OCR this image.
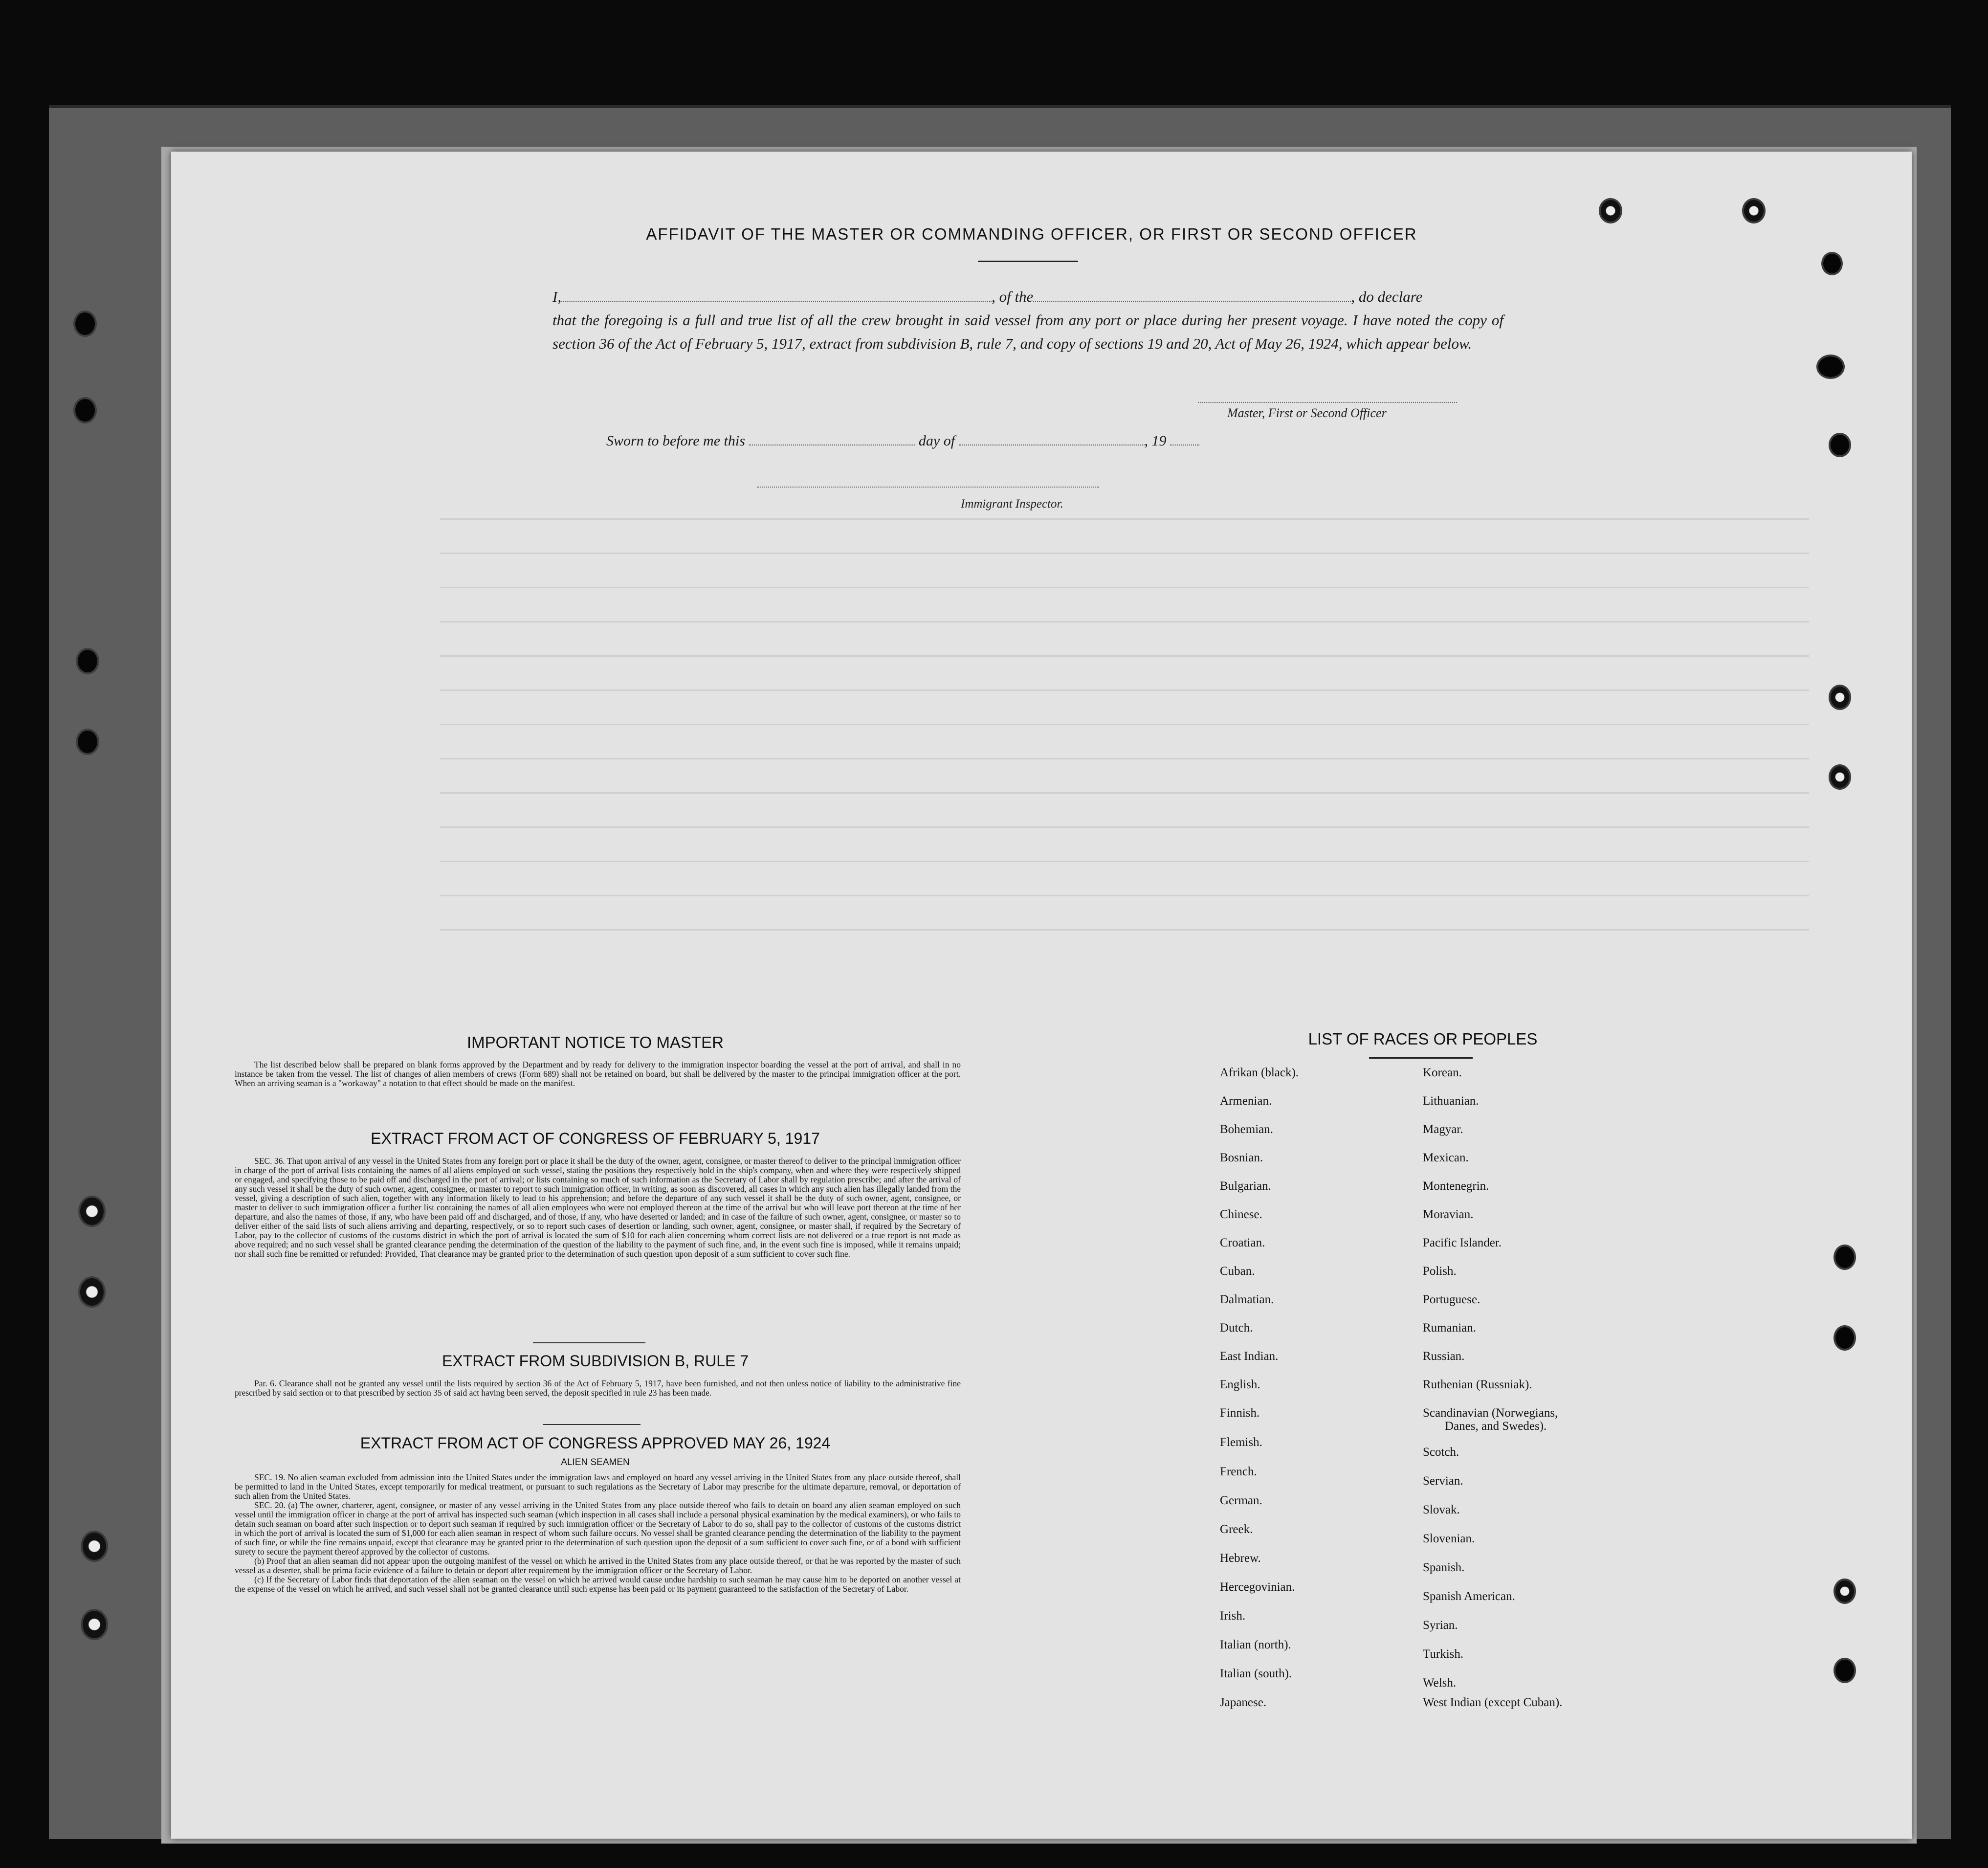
AFFIDAVIT OF THE MASTER OR COMMANDING OFFICER, OR FIRST OR SECOND OFFICER
I,	, of the	, do declare
that the foregoing is a full and true list of all the crew brought in said vessel from any port or place during her present voyage. I have noted the copy of section 36 of the Act of February 5, 1917, extract from subdivision B, rule 7, and copy of sections 19 and 20, Act of May 26, 1924, which appear below.
Master, First or Second Officer
Sworn to before me this	day of	, 19
Immigrant Inspector.
IMPORTANT NOTICE TO MASTER

The list described below shall be prepared on blank forms approved by the Department and by ready for delivery to the immigration inspector boarding the vessel at the port of arrival, and shall in no instance be taken from the vessel. The list of changes of alien members of crews (Form 689) shall not be retained on board, but shall be delivered by the master to the principal immigration officer at the port. When an arriving seaman is a "workaway" a notation to that effect should be made on the manifest.

EXTRACT FROM ACT OF CONGRESS OF FEBRUARY 5, 1917

SEC. 36. That upon arrival of any vessel in the United States from any foreign port or place it shall be the duty of the owner, agent, consignee, or master thereof to deliver to the principal immigration officer in charge of the port of arrival lists containing the names of all aliens employed on such vessel, stating the positions they respectively hold in the ship's company, when and where they were respectively shipped or engaged, and specifying those to be paid off and discharged in the port of arrival; or lists containing so much of such information as the Secretary of Labor shall by regulation prescribe; and after the arrival of any such vessel it shall be the duty of such owner, agent, consignee, or master to report to such immigration officer, in writing, as soon as discovered, all cases in which any such alien has illegally landed from the vessel, giving a description of such alien, together with any information likely to lead to his apprehension; and before the departure of any such vessel it shall be the duty of such owner, agent, consignee, or master to deliver to such immigration officer a further list containing the names of all alien employees who were not employed thereon at the time of the arrival but who will leave port thereon at the time of her departure, and also the names of those, if any, who have been paid off and discharged, and of those, if any, who have deserted or landed; and in case of the failure of such owner, agent, consignee, or master so to deliver either of the said lists of such aliens arriving and departing, respectively, or so to report such cases of desertion or landing, such owner, agent, consignee, or master shall, if required by the Secretary of Labor, pay to the collector of customs of the customs district in which the port of arrival is located the sum of $10 for each alien concerning whom correct lists are not delivered or a true report is not made as above required; and no such vessel shall be granted clearance pending the determination of the question of the liability to the payment of such fine, and, in the event such fine is imposed, while it remains unpaid; nor shall such fine be remitted or refunded: Provided, That clearance may be granted prior to the determination of such question upon deposit of a sum sufficient to cover such fine.

EXTRACT FROM SUBDIVISION B, RULE 7

Par. 6. Clearance shall not be granted any vessel until the lists required by section 36 of the Act of February 5, 1917, have been furnished, and not then unless notice of liability to the administrative fine prescribed by said section or to that prescribed by section 35 of said act having been served, the deposit specified in rule 23 has been made.

EXTRACT FROM ACT OF CONGRESS APPROVED MAY 26, 1924
ALIEN SEAMEN

SEC. 19. No alien seaman excluded from admission into the United States under the immigration laws and employed on board any vessel arriving in the United States from any place outside thereof, shall be permitted to land in the United States, except temporarily for medical treatment, or pursuant to such regulations as the Secretary of Labor may prescribe for the ultimate departure, removal, or deportation of such alien from the United States.

SEC. 20. (a) The owner, charterer, agent, consignee, or master of any vessel arriving in the United States from any place outside thereof who fails to detain on board any alien seaman employed on such vessel until the immigration officer in charge at the port of arrival has inspected such seaman (which inspection in all cases shall include a personal physical examination by the medical examiners), or who fails to detain such seaman on board after such inspection or to deport such seaman if required by such immigration officer or the Secretary of Labor to do so, shall pay to the collector of customs of the customs district in which the port of arrival is located the sum of $1,000 for each alien seaman in respect of whom such failure occurs. No vessel shall be granted clearance pending the determination of the liability to the payment of such fine, or while the fine remains unpaid, except that clearance may be granted prior to the determination of such question upon the deposit of a sum sufficient to cover such fine, or of a bond with sufficient surety to secure the payment thereof approved by the collector of customs.

(b) Proof that an alien seaman did not appear upon the outgoing manifest of the vessel on which he arrived in the United States from any place outside thereof, or that he was reported by the master of such vessel as a deserter, shall be prima facie evidence of a failure to detain or deport after requirement by the immigration officer or the Secretary of Labor.

(c) If the Secretary of Labor finds that deportation of the alien seaman on the vessel on which he arrived would cause undue hardship to such seaman he may cause him to be deported on another vessel at the expense of the vessel on which he arrived, and such vessel shall not be granted clearance until such expense has been paid or its payment guaranteed to the satisfaction of the Secretary of Labor.

LIST OF RACES OR PEOPLES
Afrikan (black).
Armenian.
Bohemian.
Bosnian.
Bulgarian.
Chinese.
Croatian.
Cuban.
Dalmatian.
Dutch.
East Indian.
English.
Finnish.
Flemish.
French.
German.
Greek.
Hebrew.
Hercegovinian.
Irish.
Italian (north).
Italian (south).
Japanese.
Korean.
Lithuanian.
Magyar.
Mexican.
Montenegrin.
Moravian.
Pacific Islander.
Polish.
Portuguese.
Rumanian.
Russian.
Ruthenian (Russniak).
Scandinavian (Norwegians,
Danes, and Swedes).
Scotch.
Servian.
Slovak.
Slovenian.
Spanish.
Spanish American.
Syrian.
Turkish.
Welsh.
West Indian (except Cuban).
